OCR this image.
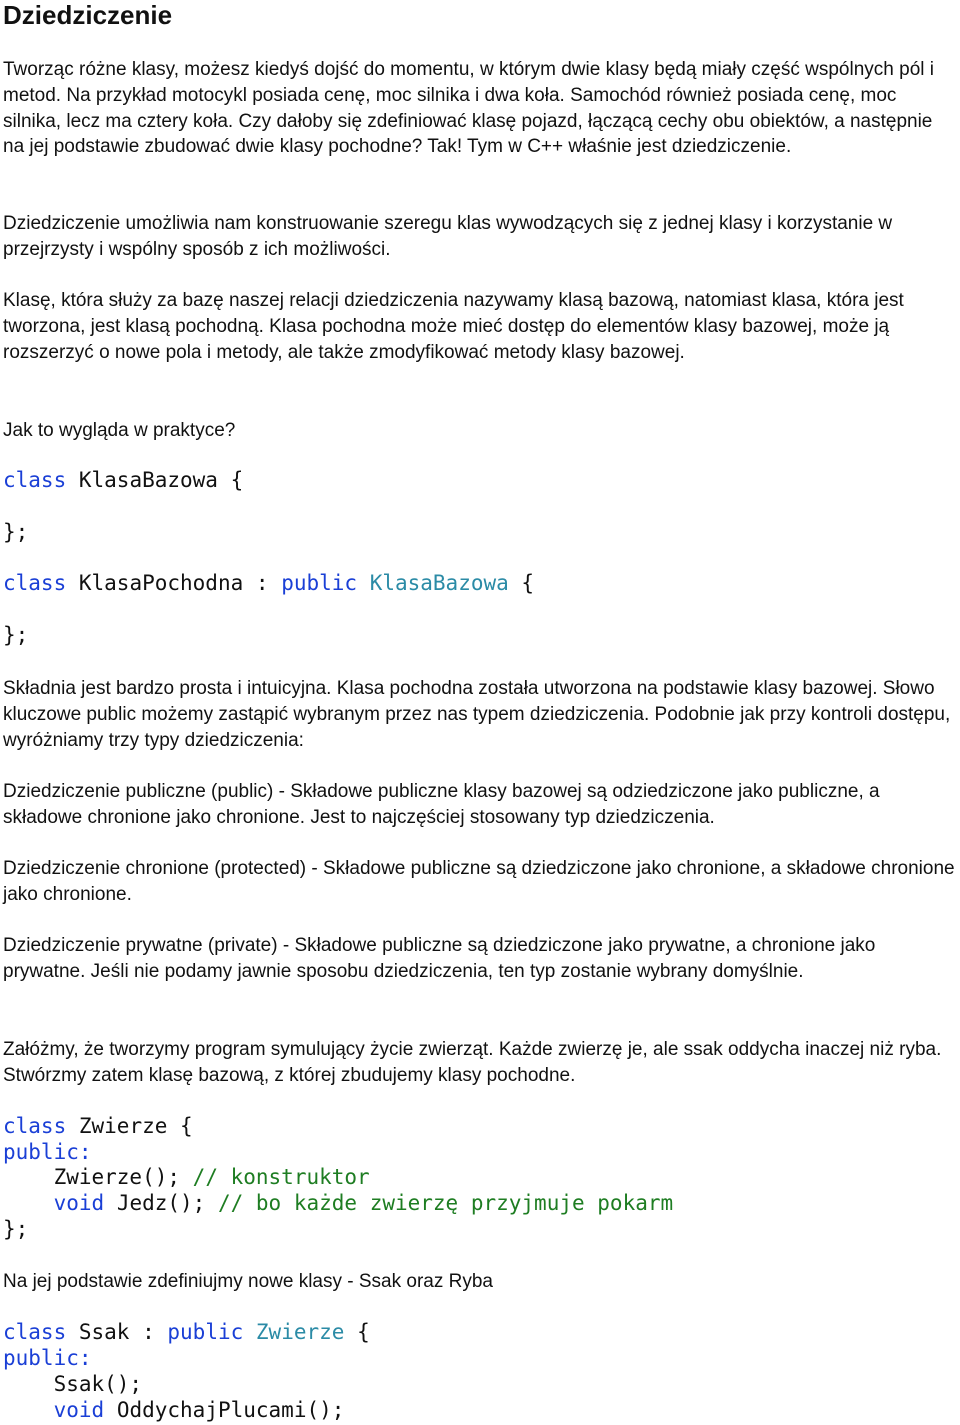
Dziedziczenie

Tworząc różne klasy, możesz kiedyś dojść do momentu, w którym dwie klasy będą miały część wspólnych pól i metod. Na przykład motocykl posiada cenę, moc silnika i dwa koła. Samochód również posiada cenę, moc silnika, lecz ma cztery koła. Czy dałoby się zdefiniować klasę pojazd, łączącą cechy obu obiektów, a następnie na jej podstawie zbudować dwie klasy pochodne? Tak! Tym w C++ właśnie jest dziedziczenie.

Dziedziczenie umożliwia nam konstruowanie szeregu klas wywodzących się z jednej klasy i korzystanie w przejrzysty i wspólny sposób z ich możliwości.

Klasę, która służy za bazę naszej relacji dziedziczenia nazywamy klasą bazową, natomiast klasa, która jest tworzona, jest klasą pochodną. Klasa pochodna może mieć dostęp do elementów klasy bazowej, może ją rozszerzyć o nowe pola i metody, ale także zmodyfikować metody klasy bazowej.

Jak to wygląda w praktyce?

class KlasaBazowa {
};
class KlasaPochodna : public KlasaBazowa {
};

Składnia jest bardzo prosta i intuicyjna. Klasa pochodna została utworzona na podstawie klasy bazowej. Słowo kluczowe public możemy zastąpić wybranym przez nas typem dziedziczenia. Podobnie jak przy kontroli dostępu, wyróżniamy trzy typy dziedziczenia:

Dziedziczenie publiczne (public) - Składowe publiczne klasy bazowej są odziedziczone jako publiczne, a składowe chronione jako chronione. Jest to najczęściej stosowany typ dziedziczenia.

Dziedziczenie chronione (protected) - Składowe publiczne są dziedziczone jako chronione, a składowe chronione jako chronione.

Dziedziczenie prywatne (private) - Składowe publiczne są dziedziczone jako prywatne, a chronione jako prywatne. Jeśli nie podamy jawnie sposobu dziedziczenia, ten typ zostanie wybrany domyślnie.

Załóżmy, że tworzymy program symulujący życie zwierząt. Każde zwierzę je, ale ssak oddycha inaczej niż ryba. Stwórzmy zatem klasę bazową, z której zbudujemy klasy pochodne.

class Zwierze {
public:
Zwierze(); // konstruktor
void Jedz(); // bo każde zwierzę przyjmuje pokarm
};

Na jej podstawie zdefiniujmy nowe klasy - Ssak oraz Ryba

class Ssak : public Zwierze {
public:
Ssak();
void OddychajPlucami();
